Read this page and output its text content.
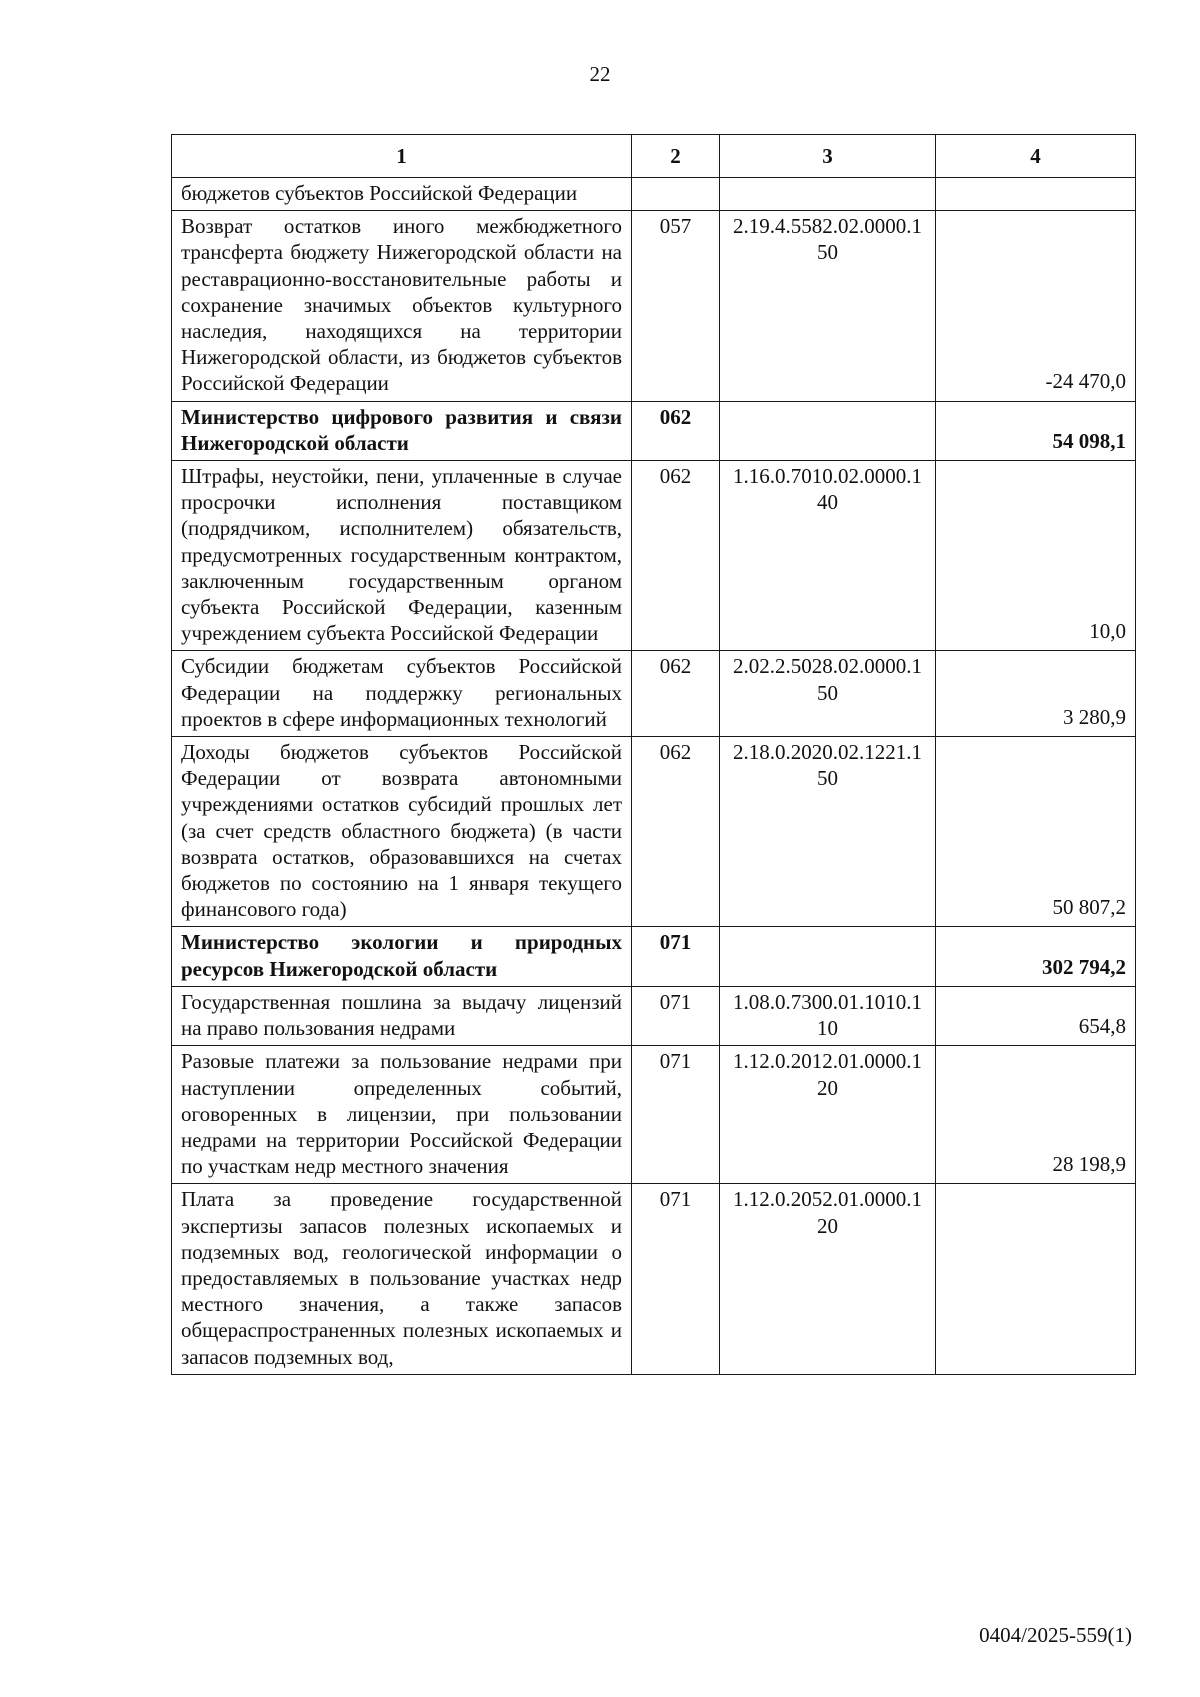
22
1	2	3	4
бюджетов субъектов Российской Федерации			
Возврат остатков иного межбюджетного трансферта бюджету Нижегородской области на реставрационно-восстановительные работы и сохранение значимых объектов культурного наследия, находящихся на территории Нижегородской области, из бюджетов субъектов Российской Федерации	057	2.19.4.5582.02.0000.150	-24 470,0
Министерство цифрового развития и связи Нижегородской области	062		54 098,1
Штрафы, неустойки, пени, уплаченные в случае просрочки исполнения поставщиком (подрядчиком, исполнителем) обязательств, предусмотренных государственным контрактом, заключенным государственным органом субъекта Российской Федерации, казенным учреждением субъекта Российской Федерации	062	1.16.0.7010.02.0000.140	10,0
Субсидии бюджетам субъектов Российской Федерации на поддержку региональных проектов в сфере информационных технологий	062	2.02.2.5028.02.0000.150	3 280,9
Доходы бюджетов субъектов Российской Федерации от возврата автономными учреждениями остатков субсидий прошлых лет (за счет средств областного бюджета) (в части возврата остатков, образовавшихся на счетах бюджетов по состоянию на 1 января текущего финансового года)	062	2.18.0.2020.02.1221.150	50 807,2
Министерство экологии и природных ресурсов Нижегородской области	071		302 794,2
Государственная пошлина за выдачу лицензий на право пользования недрами	071	1.08.0.7300.01.1010.110	654,8
Разовые платежи за пользование недрами при наступлении определенных событий, оговоренных в лицензии, при пользовании недрами на территории Российской Федерации по участкам недр местного значения	071	1.12.0.2012.01.0000.120	28 198,9
Плата за проведение государственной экспертизы запасов полезных ископаемых и подземных вод, геологической информации о предоставляемых в пользование участках недр местного значения, а также запасов общераспространенных полезных ископаемых и запасов подземных вод,	071	1.12.0.2052.01.0000.120	
0404/2025-559(1)
